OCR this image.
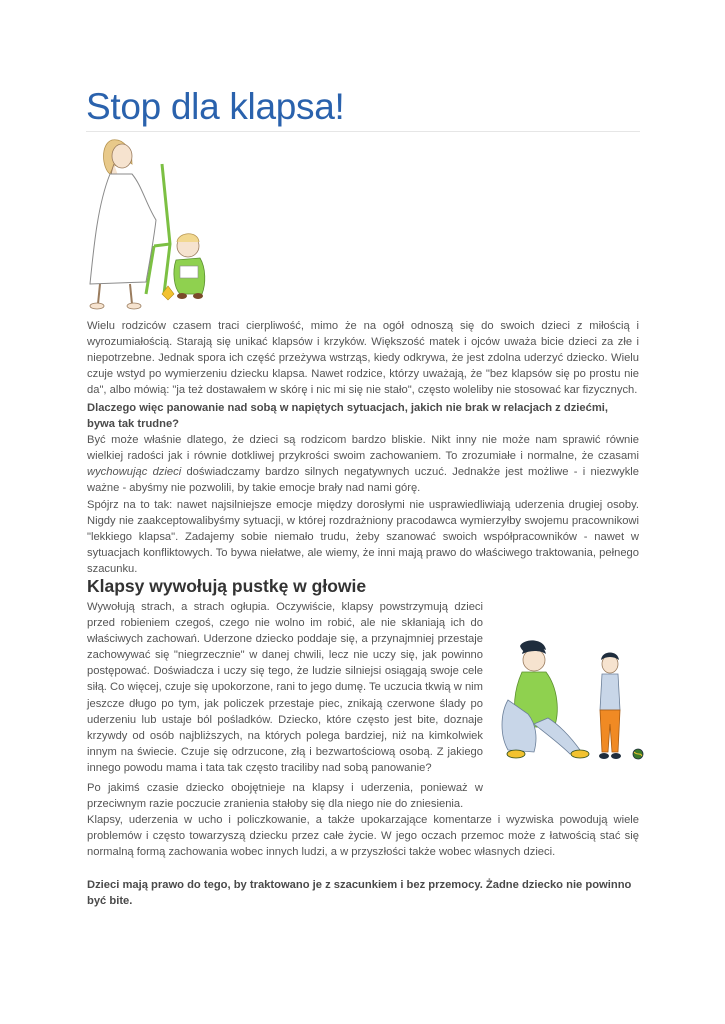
Stop dla klapsa!

Wielu rodziców czasem traci cierpliwość, mimo że na ogół odnoszą się do swoich dzieci z miłością i wyrozumiałością. Starają się unikać klapsów i krzyków. Większość matek i ojców uważa bicie dzieci za złe i niepotrzebne. Jednak spora ich część przeżywa wstrząs, kiedy odkrywa, że jest zdolna uderzyć dziecko. Wielu czuje wstyd po wymierzeniu dziecku klapsa. Nawet rodzice, którzy uważają, że "bez klapsów się po prostu nie da", albo mówią: "ja też dostawałem w skórę i nic mi się nie stało", często woleliby nie stosować kar fizycznych.

Dlaczego więc panowanie nad sobą w napiętych sytuacjach, jakich nie brak w relacjach z dziećmi, bywa tak trudne?

Być może właśnie dlatego, że dzieci są rodzicom bardzo bliskie. Nikt inny nie może nam sprawić równie wielkiej radości jak i równie dotkliwej przykrości swoim zachowaniem. To zrozumiałe i normalne, że czasami wychowując dzieci doświadczamy bardzo silnych negatywnych uczuć. Jednakże jest możliwe - i niezwykle ważne - abyśmy nie pozwolili, by takie emocje brały nad nami górę.

Spójrz na to tak: nawet najsilniejsze emocje między dorosłymi nie usprawiedliwiają uderzenia drugiej osoby. Nigdy nie zaakceptowalibyśmy sytuacji, w której rozdrażniony pracodawca wymierzyłby swojemu pracownikowi "lekkiego klapsa". Zadajemy sobie niemało trudu, żeby szanować swoich współpracowników - nawet w sytuacjach konfliktowych. To bywa niełatwe, ale wiemy, że inni mają prawo do właściwego traktowania, pełnego szacunku.

Klapsy wywołują pustkę w głowie

Wywołują strach, a strach ogłupia. Oczywiście, klapsy powstrzymują dzieci przed robieniem czegoś, czego nie wolno im robić, ale nie skłaniają ich do właściwych zachowań. Uderzone dziecko poddaje się, a przynajmniej przestaje zachowywać się "niegrzecznie" w danej chwili, lecz nie uczy się, jak powinno postępować. Doświadcza i uczy się tego, że ludzie silniejsi osiągają swoje cele siłą. Co więcej, czuje się upokorzone, rani to jego dumę. Te uczucia tkwią w nim jeszcze długo po tym, jak policzek przestaje piec, znikają czerwone ślady po uderzeniu lub ustaje ból pośladków. Dziecko, które często jest bite, doznaje krzywdy od osób najbliższych, na których polega bardziej, niż na kimkolwiek innym na świecie. Czuje się odrzucone, złą i bezwartościową osobą. Z jakiego innego powodu mama i tata tak często traciliby nad sobą panowanie?

Po jakimś czasie dziecko obojętnieje na klapsy i uderzenia, ponieważ w przeciwnym razie poczucie zranienia stałoby się dla niego nie do zniesienia.

Klapsy, uderzenia w ucho i policzkowanie, a także upokarzające komentarze i wyzwiska powodują wiele problemów i często towarzyszą dziecku przez całe życie. W jego oczach przemoc może z łatwością stać się normalną formą zachowania wobec innych ludzi, a w przyszłości także wobec własnych dzieci.

Dzieci mają prawo do tego, by traktowano je z szacunkiem i bez przemocy. Żadne dziecko nie powinno być bite.
